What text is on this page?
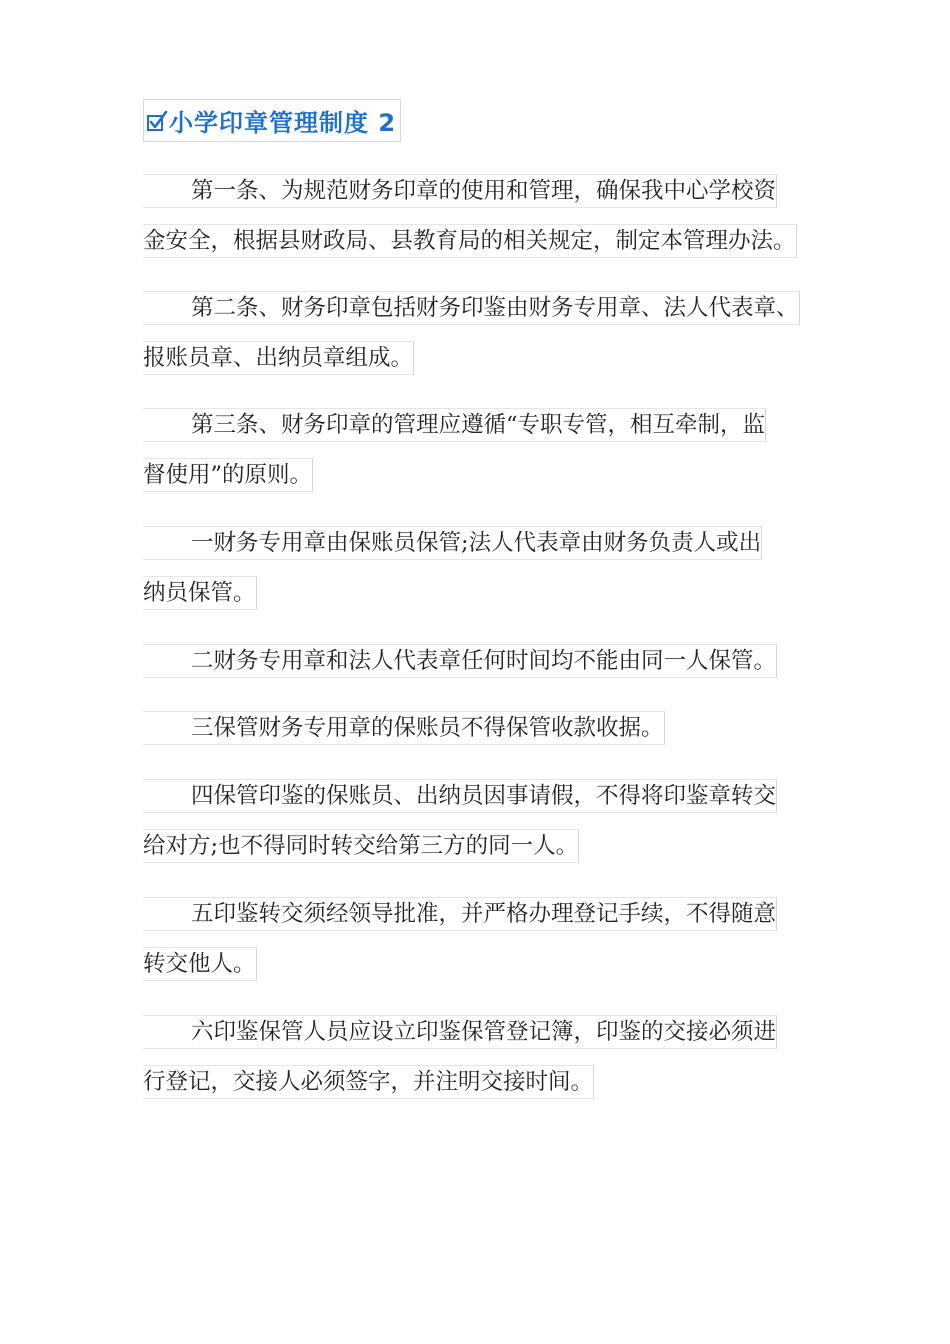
小学印章管理制度 2
第一条、为规范财务印章的使用和管理，确保我中心学校资
金安全，根据县财政局、县教育局的相关规定，制定本管理办法。
第二条、财务印章包括财务印鉴由财务专用章、法人代表章、
报账员章、出纳员章组成。
第三条、财务印章的管理应遵循“专职专管，相互牵制，监
督使用”的原则。
一财务专用章由保账员保管;法人代表章由财务负责人或出
纳员保管。
二财务专用章和法人代表章任何时间均不能由同一人保管。
三保管财务专用章的保账员不得保管收款收据。
四保管印鉴的保账员、出纳员因事请假，不得将印鉴章转交
给对方;也不得同时转交给第三方的同一人。
五印鉴转交须经领导批准，并严格办理登记手续，不得随意
转交他人。
六印鉴保管人员应设立印鉴保管登记簿，印鉴的交接必须进
行登记，交接人必须签字，并注明交接时间。
